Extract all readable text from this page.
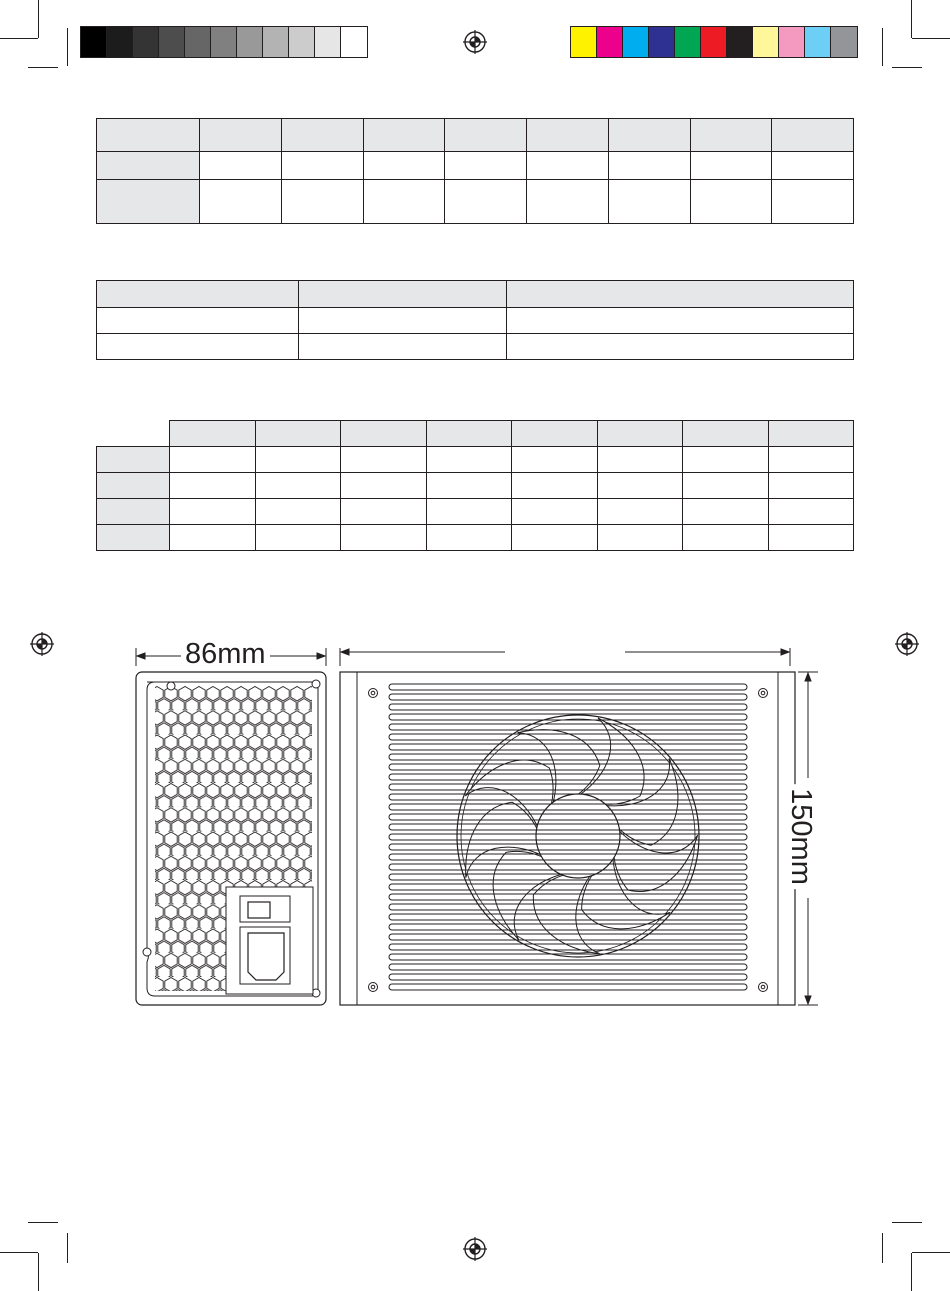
86mm
150mm
